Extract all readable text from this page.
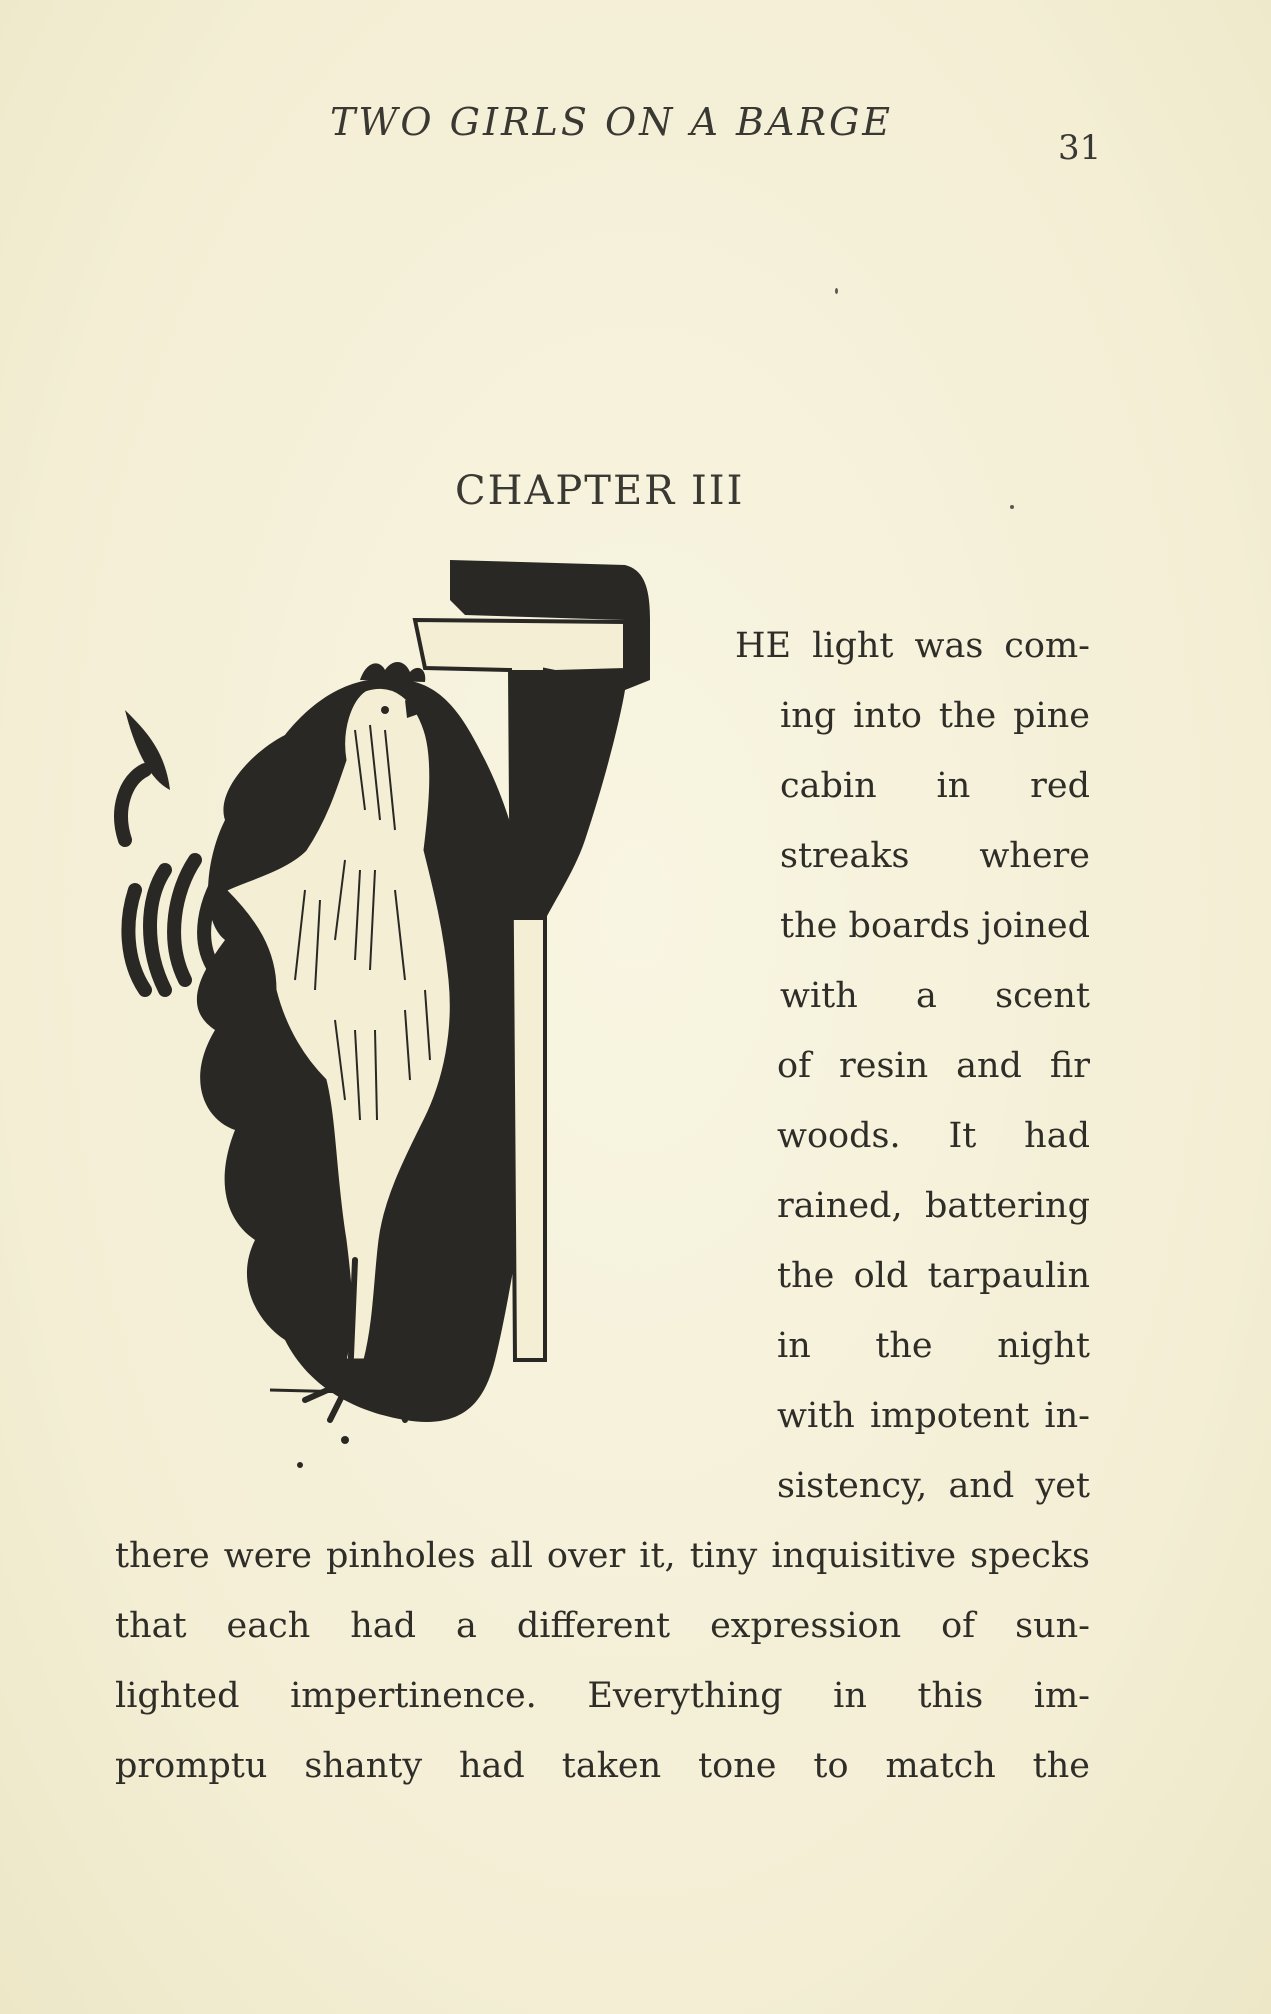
TWO GIRLS ON A BARGE
31
CHAPTER III
HE light was com-
ing into the pine
cabin in red
streaks where
the boards joined
with a scent
of resin and fir
woods. It had
rained, battering
the old tarpaulin
in the night
with impotent in-
sistency, and yet
there were pinholes all over it, tiny inquisitive specks
that each had a different expression of sun-
lighted impertinence. Everything in this im-
promptu shanty had taken tone to match the
